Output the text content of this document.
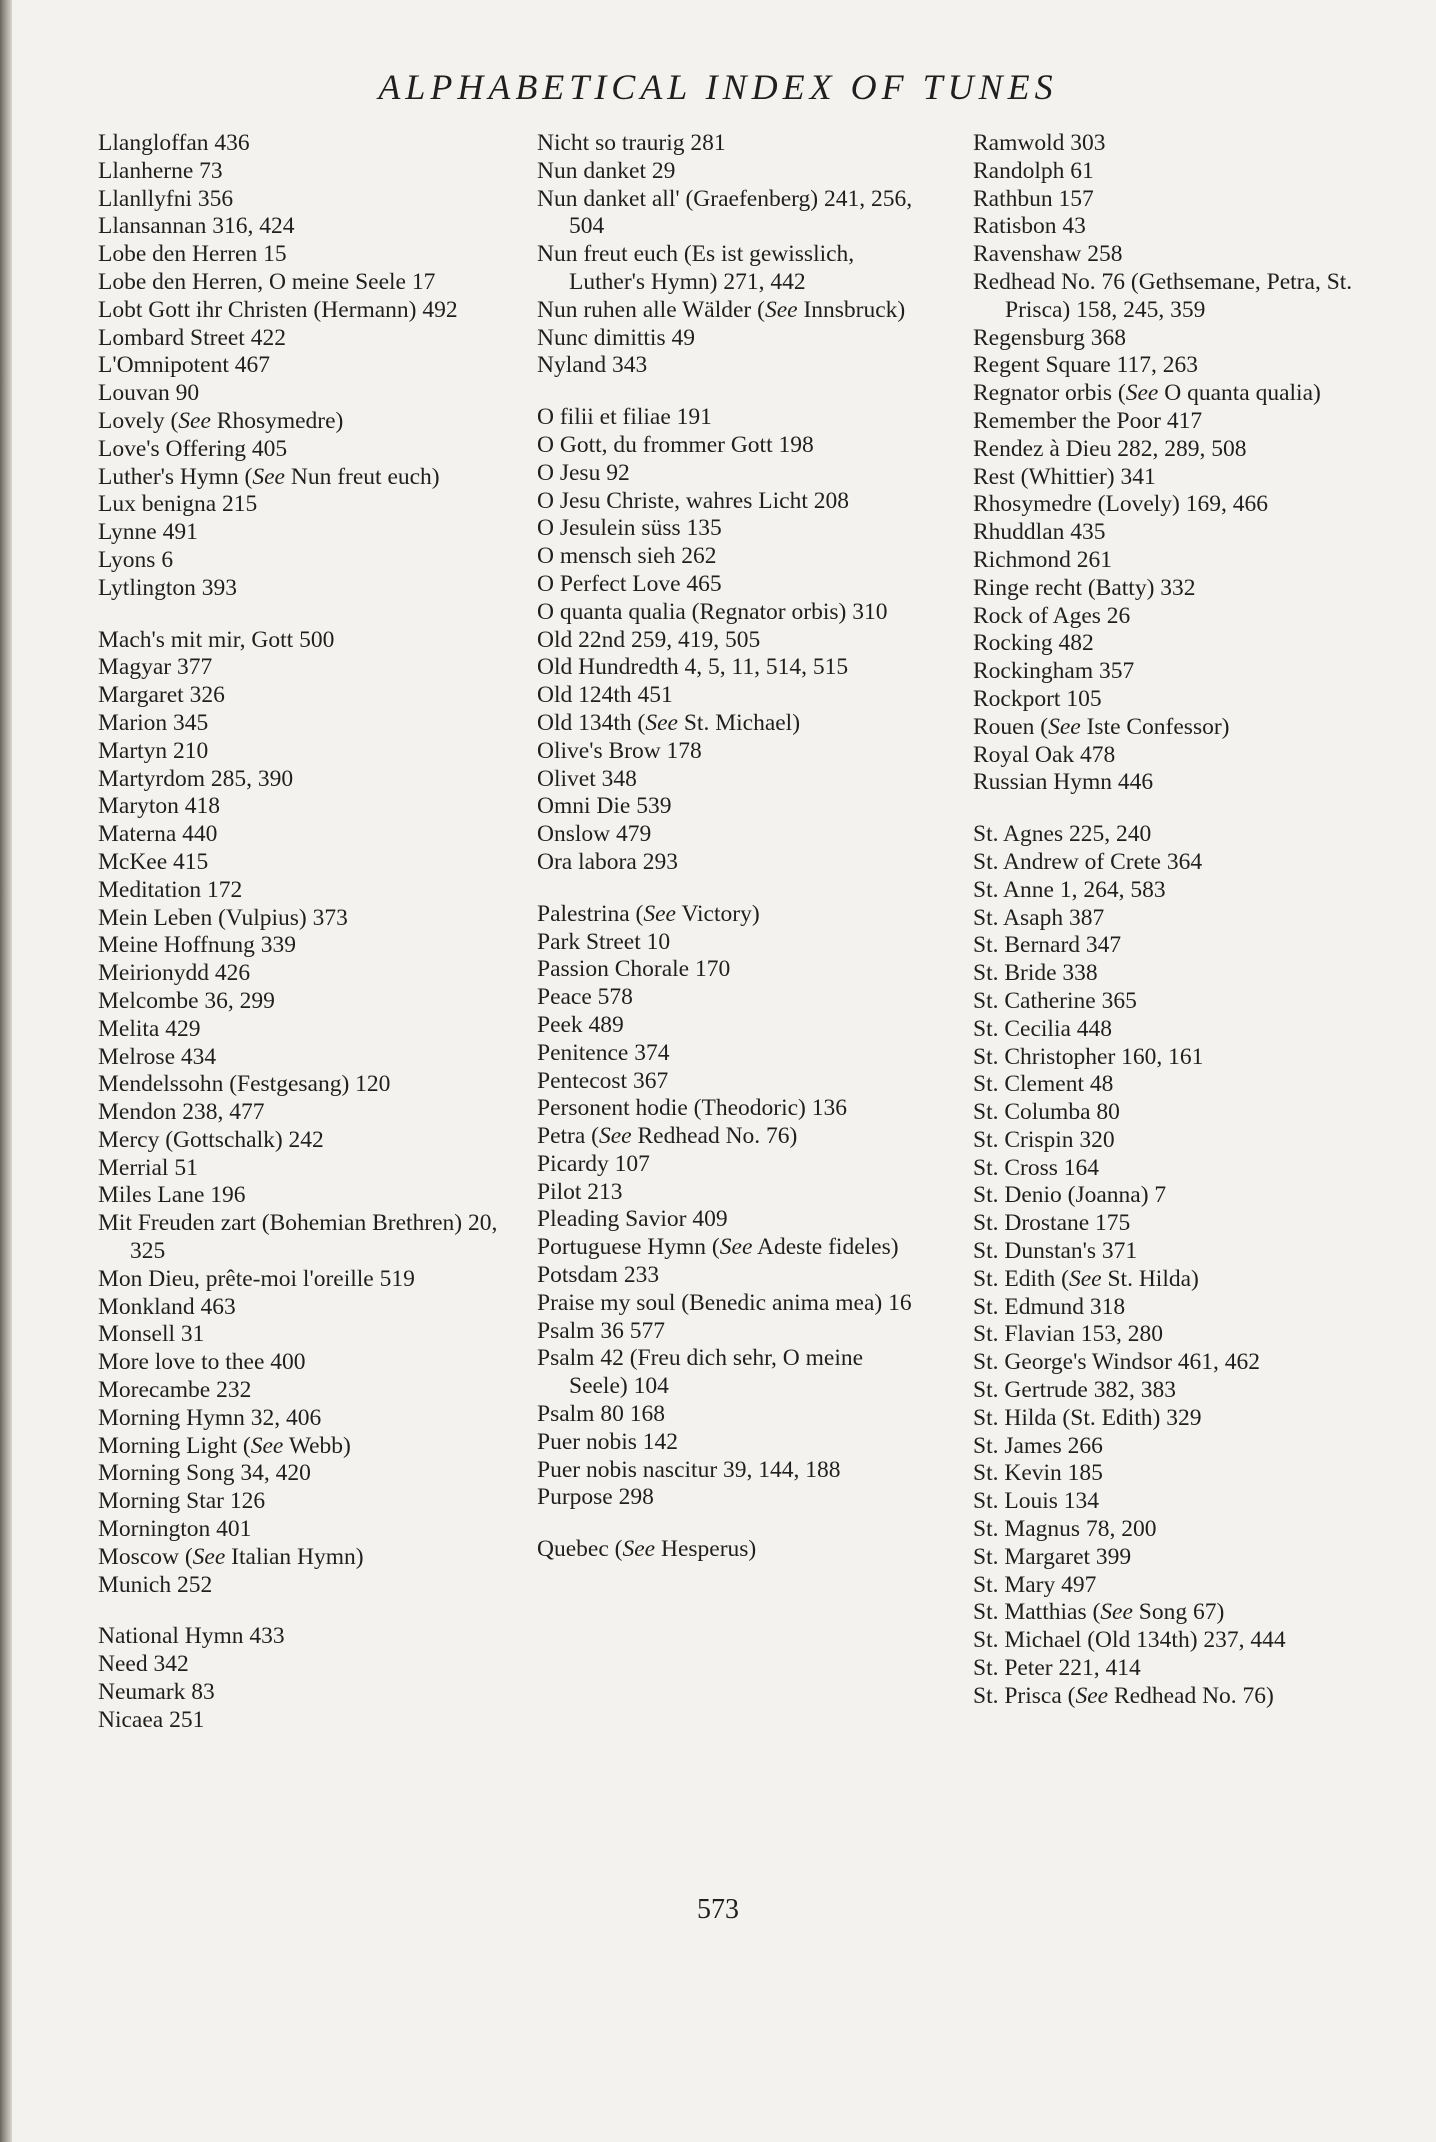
ALPHABETICAL INDEX OF TUNES

Llangloffan 436

Llanherne 73

Llanllyfni 356

Llansannan 316, 424

Lobe den Herren 15

Lobe den Herren, O meine Seele 17

Lobt Gott ihr Christen (Hermann) 492

Lombard Street 422

L'Omnipotent 467

Louvan 90

Lovely (See Rhosymedre)

Love's Offering 405

Luther's Hymn (See Nun freut euch)

Lux benigna 215

Lynne 491

Lyons 6

Lytlington 393

Mach's mit mir, Gott 500

Magyar 377

Margaret 326

Marion 345

Martyn 210

Martyrdom 285, 390

Maryton 418

Materna 440

McKee 415

Meditation 172

Mein Leben (Vulpius) 373

Meine Hoffnung 339

Meirionydd 426

Melcombe 36, 299

Melita 429

Melrose 434

Mendelssohn (Festgesang) 120

Mendon 238, 477

Mercy (Gottschalk) 242

Merrial 51

Miles Lane 196

Mit Freuden zart (Bohemian Brethren) 20, 325

Mon Dieu, prête-moi l'oreille 519

Monkland 463

Monsell 31

More love to thee 400

Morecambe 232

Morning Hymn 32, 406

Morning Light (See Webb)

Morning Song 34, 420

Morning Star 126

Mornington 401

Moscow (See Italian Hymn)

Munich 252

National Hymn 433

Need 342

Neumark 83

Nicaea 251

Nicht so traurig 281

Nun danket 29

Nun danket all' (Graefenberg) 241, 256, 504

Nun freut euch (Es ist gewisslich, Luther's Hymn) 271, 442

Nun ruhen alle Wälder (See Innsbruck)

Nunc dimittis 49

Nyland 343

O filii et filiae 191

O Gott, du frommer Gott 198

O Jesu 92

O Jesu Christe, wahres Licht 208

O Jesulein süss 135

O mensch sieh 262

O Perfect Love 465

O quanta qualia (Regnator orbis) 310

Old 22nd 259, 419, 505

Old Hundredth 4, 5, 11, 514, 515

Old 124th 451

Old 134th (See St. Michael)

Olive's Brow 178

Olivet 348

Omni Die 539

Onslow 479

Ora labora 293

Palestrina (See Victory)

Park Street 10

Passion Chorale 170

Peace 578

Peek 489

Penitence 374

Pentecost 367

Personent hodie (Theodoric) 136

Petra (See Redhead No. 76)

Picardy 107

Pilot 213

Pleading Savior 409

Portuguese Hymn (See Adeste fideles)

Potsdam 233

Praise my soul (Benedic anima mea) 16

Psalm 36 577

Psalm 42 (Freu dich sehr, O meine Seele) 104

Psalm 80 168

Puer nobis 142

Puer nobis nascitur 39, 144, 188

Purpose 298

Quebec (See Hesperus)

Ramwold 303

Randolph 61

Rathbun 157

Ratisbon 43

Ravenshaw 258

Redhead No. 76 (Gethsemane, Petra, St. Prisca) 158, 245, 359

Regensburg 368

Regent Square 117, 263

Regnator orbis (See O quanta qualia)

Remember the Poor 417

Rendez à Dieu 282, 289, 508

Rest (Whittier) 341

Rhosymedre (Lovely) 169, 466

Rhuddlan 435

Richmond 261

Ringe recht (Batty) 332

Rock of Ages 26

Rocking 482

Rockingham 357

Rockport 105

Rouen (See Iste Confessor)

Royal Oak 478

Russian Hymn 446

St. Agnes 225, 240

St. Andrew of Crete 364

St. Anne 1, 264, 583

St. Asaph 387

St. Bernard 347

St. Bride 338

St. Catherine 365

St. Cecilia 448

St. Christopher 160, 161

St. Clement 48

St. Columba 80

St. Crispin 320

St. Cross 164

St. Denio (Joanna) 7

St. Drostane 175

St. Dunstan's 371

St. Edith (See St. Hilda)

St. Edmund 318

St. Flavian 153, 280

St. George's Windsor 461, 462

St. Gertrude 382, 383

St. Hilda (St. Edith) 329

St. James 266

St. Kevin 185

St. Louis 134

St. Magnus 78, 200

St. Margaret 399

St. Mary 497

St. Matthias (See Song 67)

St. Michael (Old 134th) 237, 444

St. Peter 221, 414

St. Prisca (See Redhead No. 76)

573
